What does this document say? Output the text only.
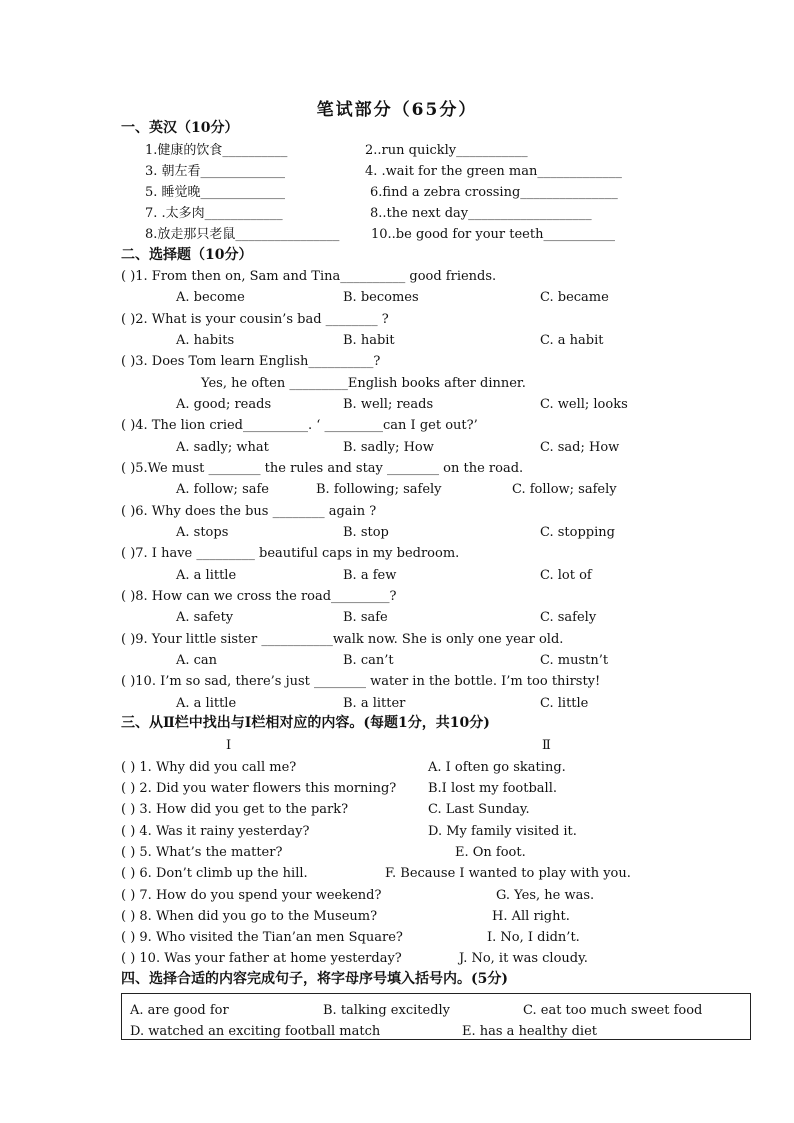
笔试部分（65分）
一、英汉（10分）
1.健康的饮食__________	2..run quickly___________
3. 朝左看_____________	4. .wait for the green man_____________
5. 睡觉晚_____________	6.find a zebra crossing_______________
7. .太多肉____________	8..the next day___________________
8.放走那只老鼠________________ 10..be good for your teeth___________
二、选择题（10分）
( )1. From then on, Sam and Tina__________ good friends.
A. become	B. becomes	C. became
( )2. What is your cousin’s bad ________ ?
A. habits	B. habit	C. a habit
( )3. Does Tom learn English__________?
Yes, he often _________English books after dinner.
A. good; reads	B. well; reads	C. well; looks
( )4. The lion cried__________. ‘ _________can I get out?’
A. sadly; what	B. sadly; How	C. sad; How
( )5.We must ________ the rules and stay ________ on the road.
A. follow; safe	B. following; safely	C. follow; safely
( )6. Why does the bus ________ again ?
A. stops	B. stop	C. stopping
( )7. I have _________ beautiful caps in my bedroom.
A. a little	B. a few	C. lot of
( )8. How can we cross the road_________?
A. safety	B. safe	C. safely
( )9. Your little sister ___________walk now. She is only one year old.
A. can	B. can’t	C. mustn’t
( )10. I’m so sad, there’s just ________ water in the bottle. I’m too thirsty!
A. a little	B. a litter	C. little
三、从Ⅱ栏中找出与Ⅰ栏相对应的内容。(每题1分，共10分)
Ⅰ	Ⅱ
( ) 1. Why did you call me?	A. I often go skating.
( ) 2. Did you water flowers this morning? B.I lost my football.
( ) 3. How did you get to the park?	C. Last Sunday.
( ) 4. Was it rainy yesterday?	D. My family visited it.
( ) 5. What’s the matter?	E. On foot.
( ) 6. Don’t climb up the hill.	F. Because I wanted to play with you.
( ) 7. How do you spend your weekend?	G. Yes, he was.
( ) 8. When did you go to the Museum?	H. All right.
( ) 9. Who visited the Tian’an men Square?	I. No, I didn’t.
( ) 10. Was your father at home yesterday?	J. No, it was cloudy.
四、选择合适的内容完成句子，将字母序号填入括号内。(5分)
A. are good for	B. talking excitedly	C. eat too much sweet food
D. watched an exciting football match	E. has a healthy diet
